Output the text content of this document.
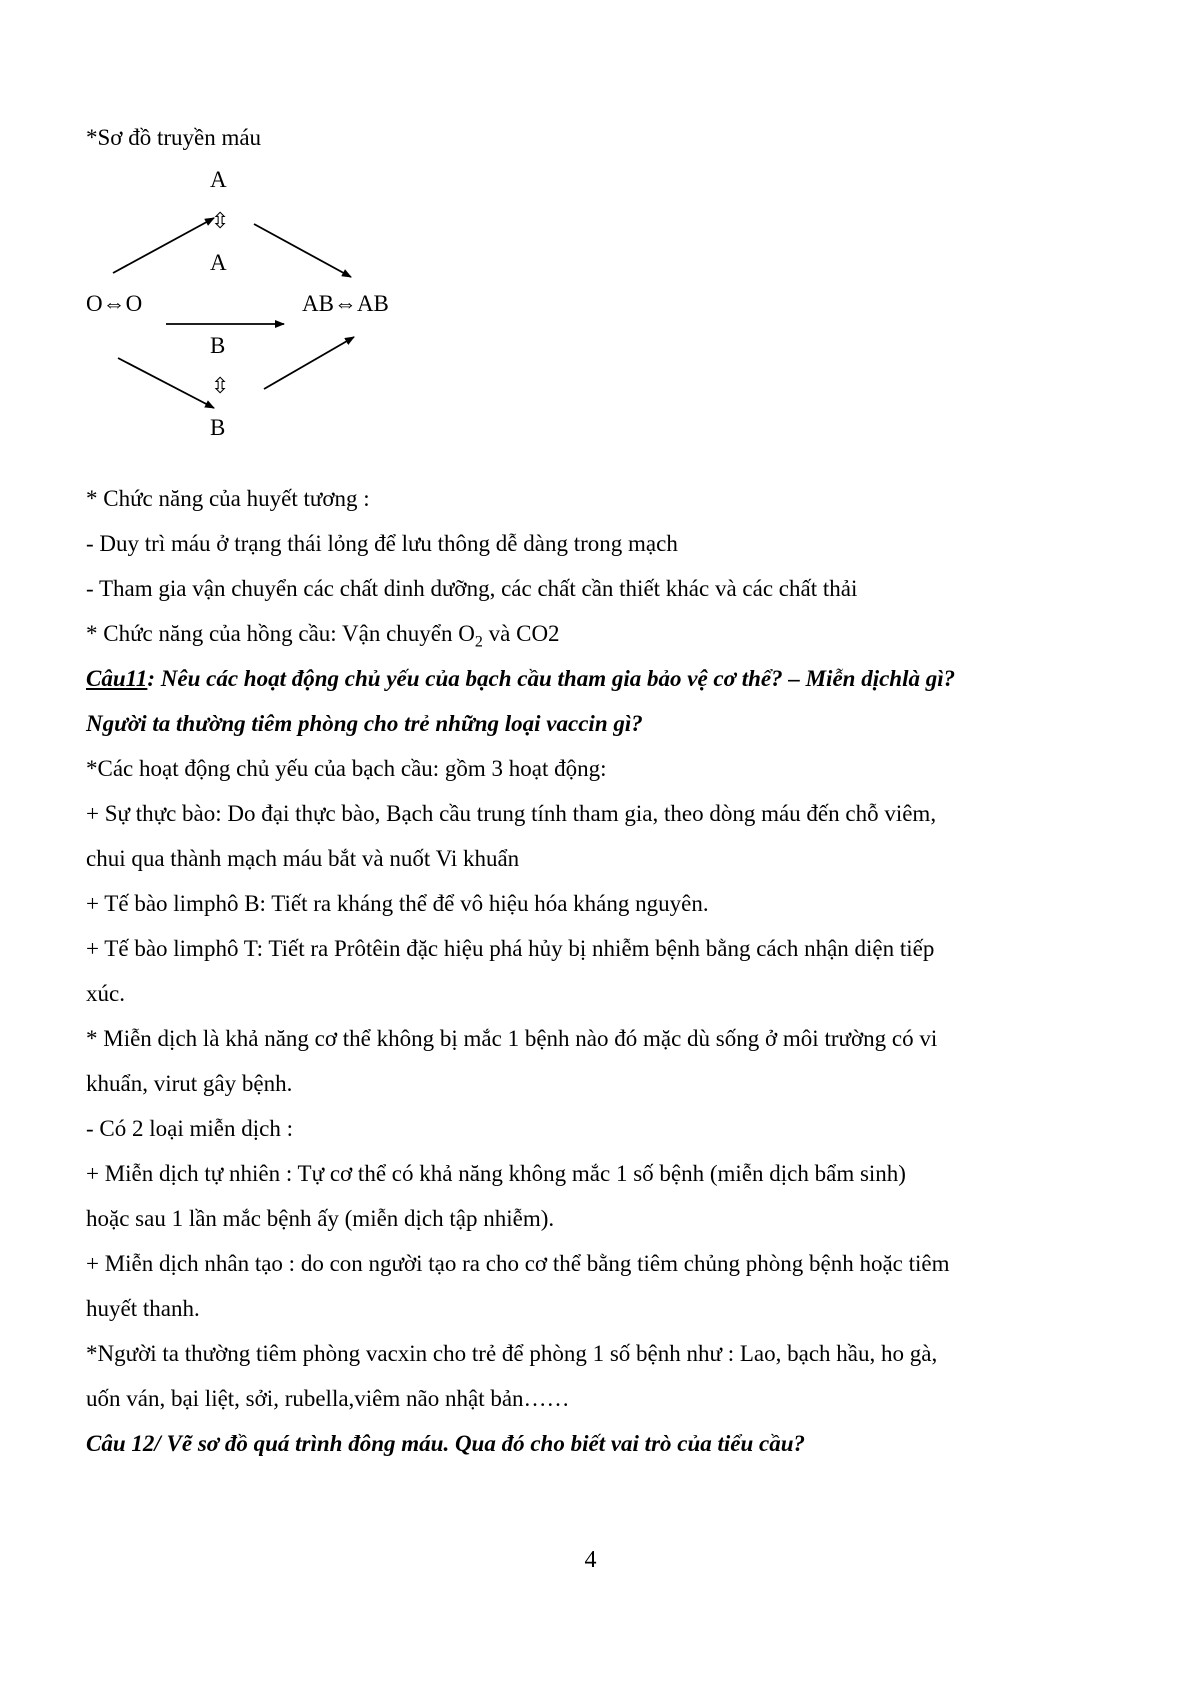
*Sơ đồ truyền máu
A
⇳
A
O⇔O	AB⇔AB
B
⇳
B
* Chức năng của huyết tương :
- Duy trì máu ở trạng thái lỏng để lưu thông dễ dàng trong mạch
- Tham gia vận chuyển các chất dinh dưỡng, các chất cần thiết khác và các chất thải
* Chức năng của hồng cầu: Vận chuyển $O_2$ và CO2
Câu11: Nêu các hoạt động chủ yếu của bạch cầu tham gia bảo vệ cơ thể? – Miễn dịchlà gì?
Người ta thường tiêm phòng cho trẻ những loại vaccin gì?
*Các hoạt động chủ yếu của bạch cầu: gồm 3 hoạt động:
+ Sự thực bào: Do đại thực bào, Bạch cầu trung tính tham gia, theo dòng máu đến chỗ viêm,
chui qua thành mạch máu bắt và nuốt Vi khuẩn
+ Tế bào limphô B: Tiết ra kháng thể để vô hiệu hóa kháng nguyên.
+ Tế bào limphô T: Tiết ra Prôtêin đặc hiệu phá hủy bị nhiễm bệnh bằng cách nhận diện tiếp
xúc.
* Miễn dịch là khả năng cơ thể không bị mắc 1 bệnh nào đó mặc dù sống ở môi trường có vi
khuẩn, virut gây bệnh.
- Có 2 loại miễn dịch :
+ Miễn dịch tự nhiên : Tự cơ thể có khả năng không mắc 1 số bệnh (miễn dịch bẩm sinh)
hoặc sau 1 lần mắc bệnh ấy (miễn dịch tập nhiễm).
+ Miễn dịch nhân tạo : do con người tạo ra cho cơ thể bằng tiêm chủng phòng bệnh hoặc tiêm
huyết thanh.
*Người ta thường tiêm phòng vacxin cho trẻ để phòng 1 số bệnh như : Lao, bạch hầu, ho gà,
uốn ván, bại liệt, sởi, rubella,viêm não nhật bản……
Câu 12/ Vẽ sơ đồ quá trình đông máu. Qua đó cho biết vai trò của tiểu cầu?
4
